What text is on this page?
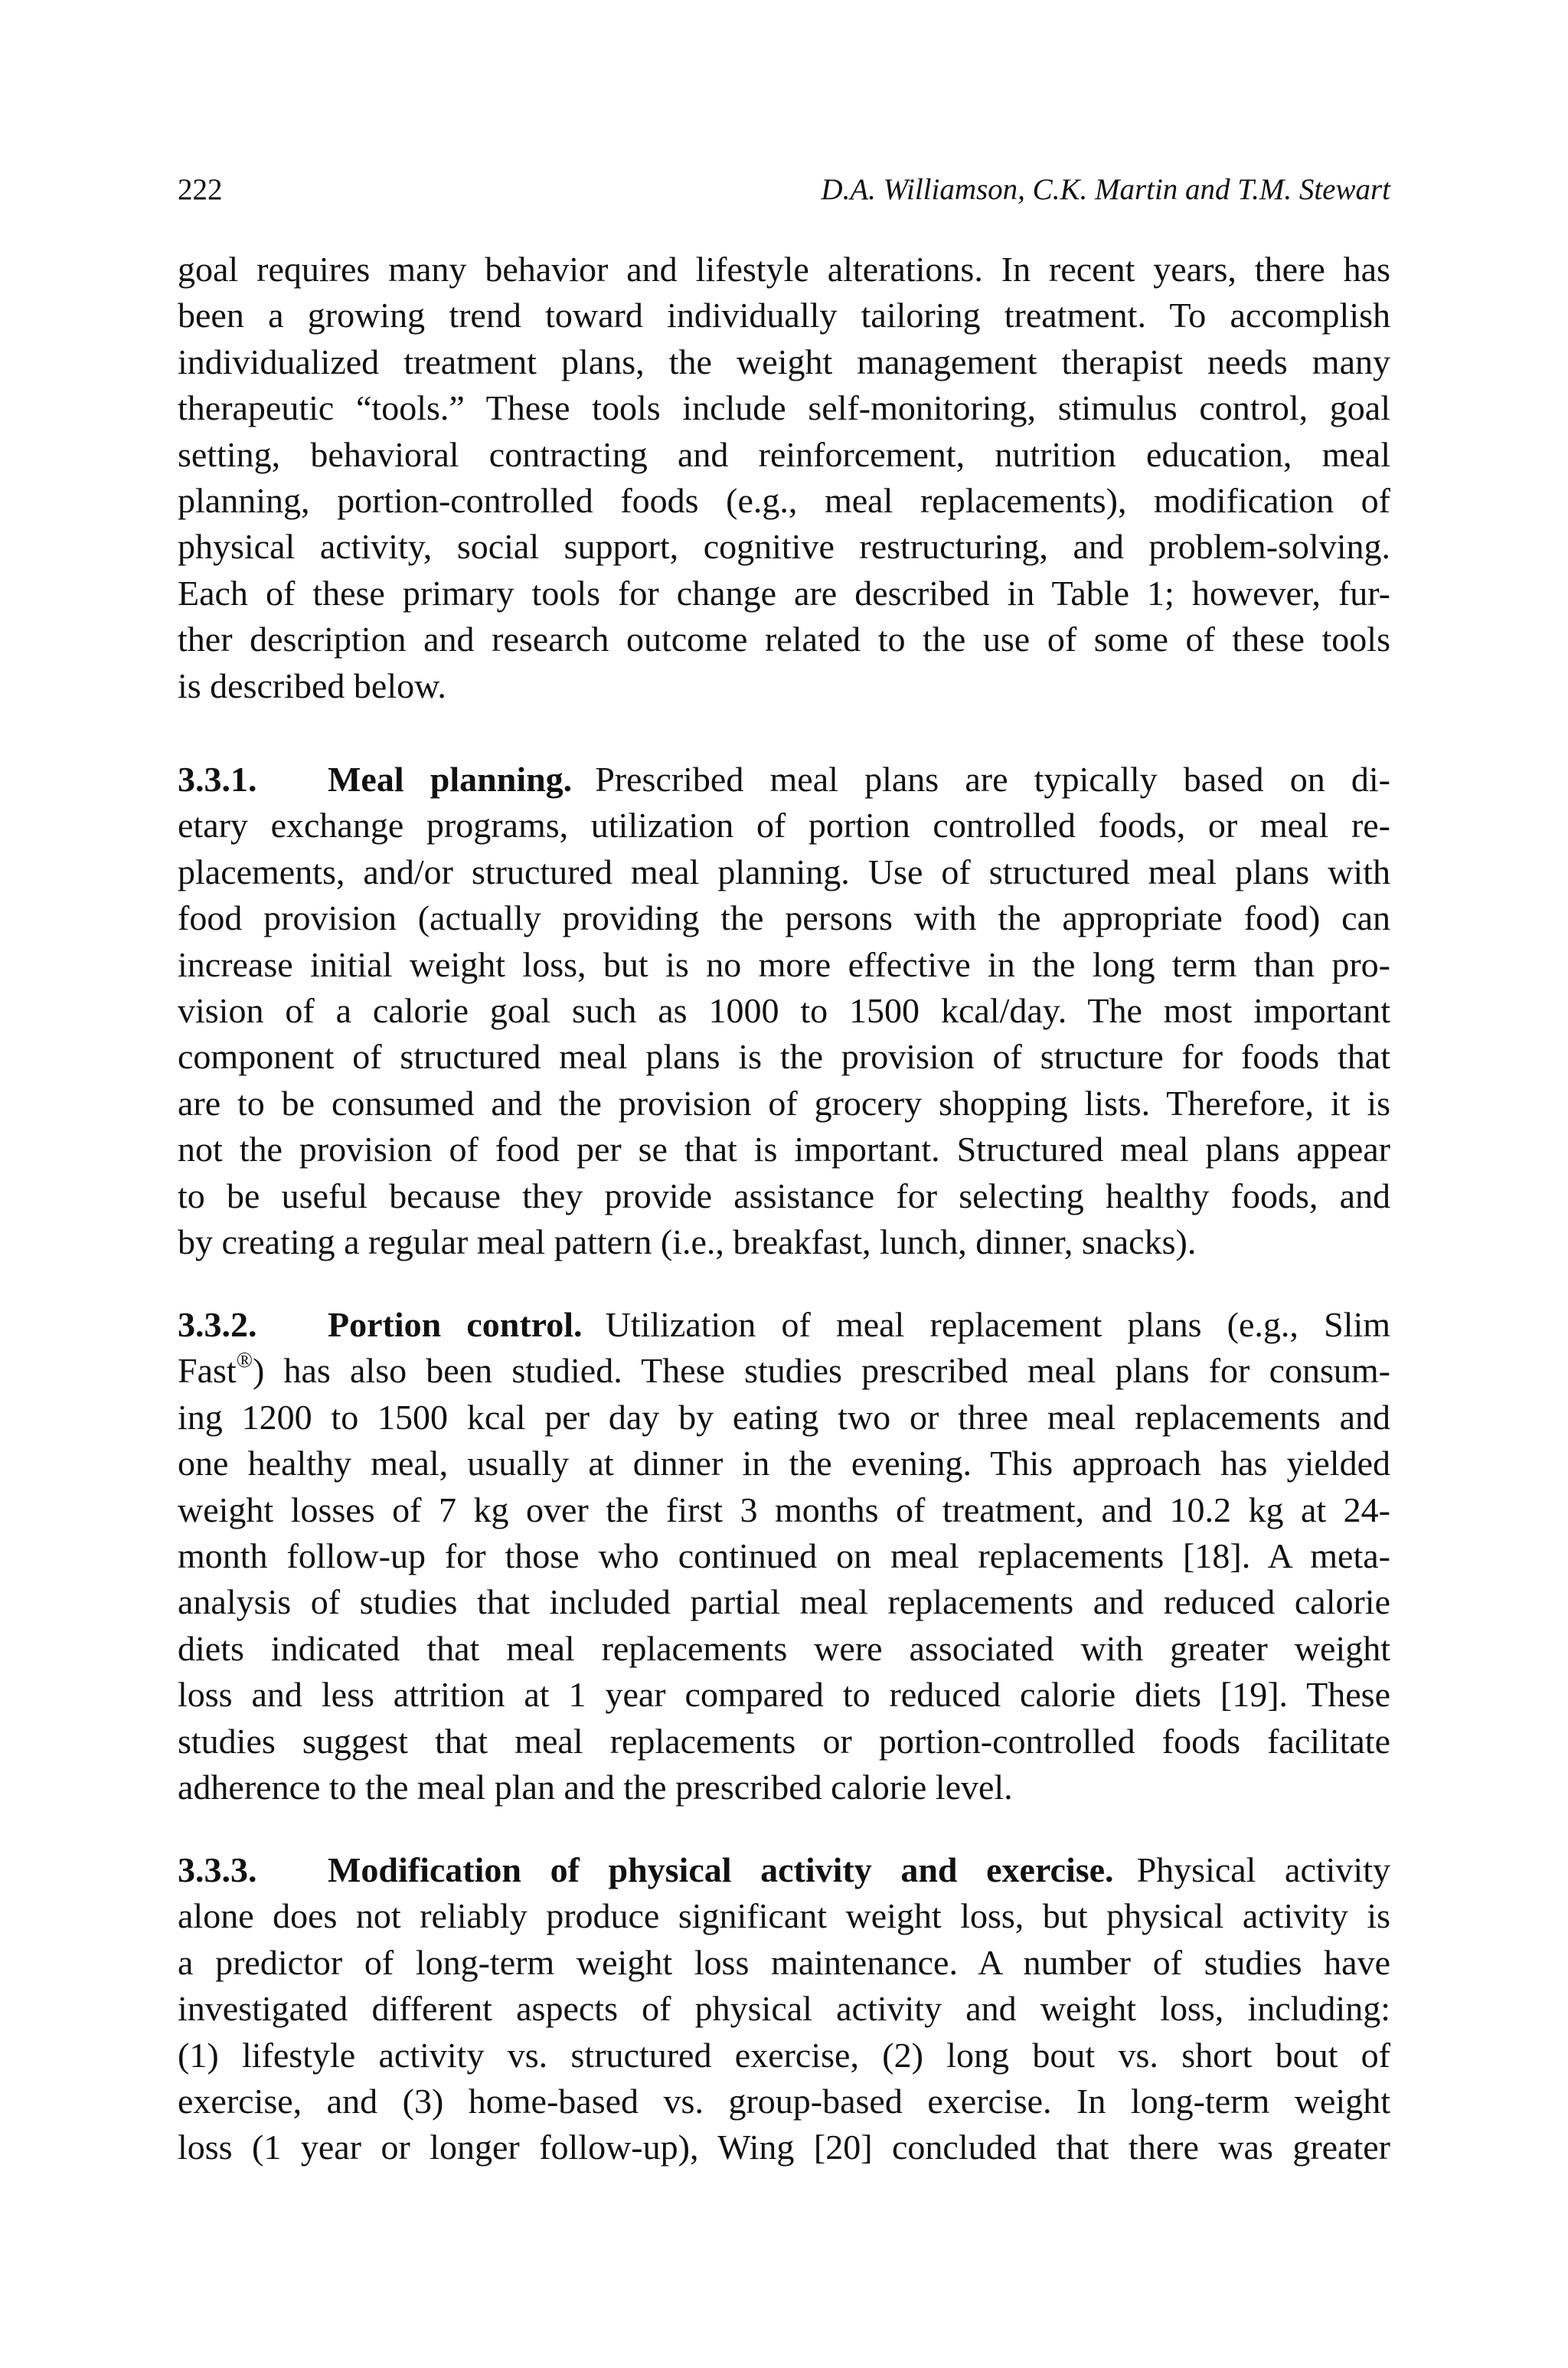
222	D.A. Williamson, C.K. Martin and T.M. Stewart
goal requires many behavior and lifestyle alterations. In recent years, there has
been a growing trend toward individually tailoring treatment. To accomplish
individualized treatment plans, the weight management therapist needs many
therapeutic “tools.” These tools include self-monitoring, stimulus control, goal
setting, behavioral contracting and reinforcement, nutrition education, meal
planning, portion-controlled foods (e.g., meal replacements), modification of
physical activity, social support, cognitive restructuring, and problem-solving.
Each of these primary tools for change are described in Table 1; however, fur-
ther description and research outcome related to the use of some of these tools
is described below.
3.3.1. Meal planning. Prescribed meal plans are typically based on di-
etary exchange programs, utilization of portion controlled foods, or meal re-
placements, and/or structured meal planning. Use of structured meal plans with
food provision (actually providing the persons with the appropriate food) can
increase initial weight loss, but is no more effective in the long term than pro-
vision of a calorie goal such as 1000 to 1500 kcal/day. The most important
component of structured meal plans is the provision of structure for foods that
are to be consumed and the provision of grocery shopping lists. Therefore, it is
not the provision of food per se that is important. Structured meal plans appear
to be useful because they provide assistance for selecting healthy foods, and
by creating a regular meal pattern (i.e., breakfast, lunch, dinner, snacks).
3.3.2. Portion control. Utilization of meal replacement plans (e.g., Slim
Fast®) has also been studied. These studies prescribed meal plans for consum-
ing 1200 to 1500 kcal per day by eating two or three meal replacements and
one healthy meal, usually at dinner in the evening. This approach has yielded
weight losses of 7 kg over the first 3 months of treatment, and 10.2 kg at 24-
month follow-up for those who continued on meal replacements [18]. A meta-
analysis of studies that included partial meal replacements and reduced calorie
diets indicated that meal replacements were associated with greater weight
loss and less attrition at 1 year compared to reduced calorie diets [19]. These
studies suggest that meal replacements or portion-controlled foods facilitate
adherence to the meal plan and the prescribed calorie level.
3.3.3. Modification of physical activity and exercise. Physical activity
alone does not reliably produce significant weight loss, but physical activity is
a predictor of long-term weight loss maintenance. A number of studies have
investigated different aspects of physical activity and weight loss, including:
(1) lifestyle activity vs. structured exercise, (2) long bout vs. short bout of
exercise, and (3) home-based vs. group-based exercise. In long-term weight
loss (1 year or longer follow-up), Wing [20] concluded that there was greater
